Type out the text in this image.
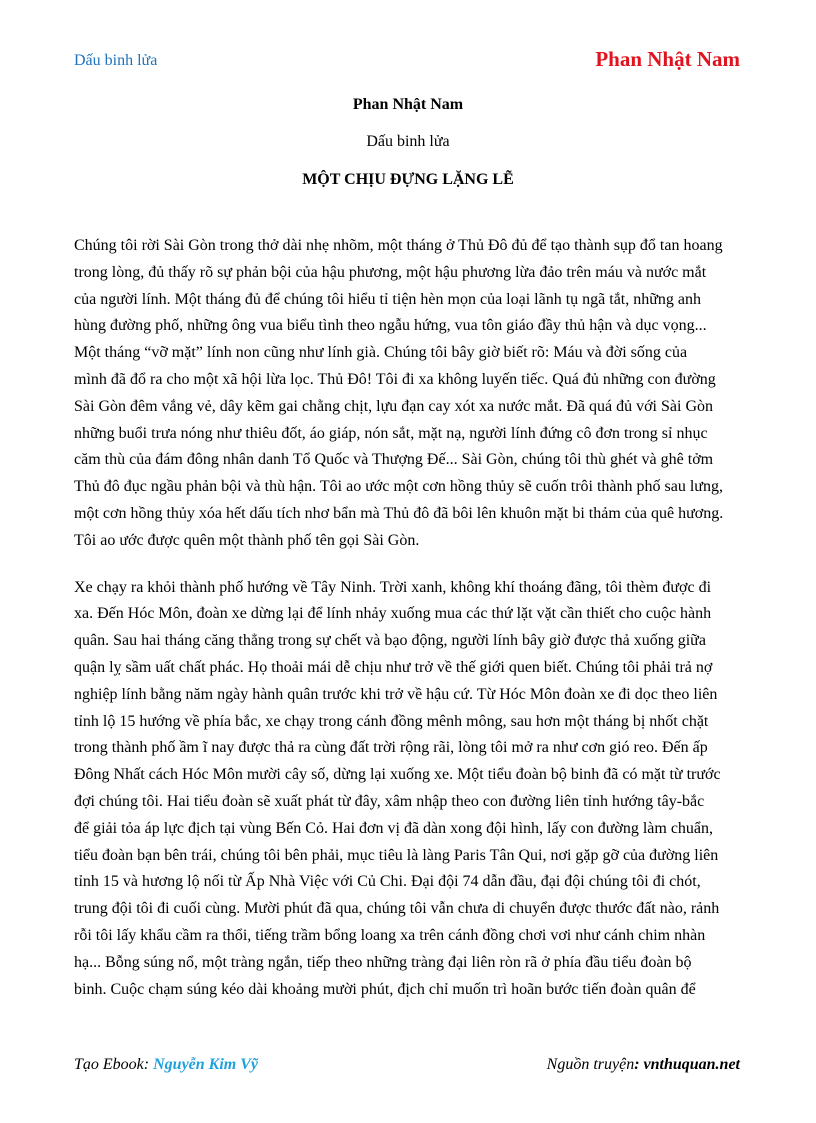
Dấu binh lửa	Phan Nhật Nam
Phan Nhật Nam
Dấu binh lửa
MỘT CHỊU ĐỰNG LẶNG LẼ

Chúng tôi rời Sài Gòn trong thở dài nhẹ nhõm, một tháng ở Thủ Đô đủ để tạo thành sụp đổ tan hoang
trong lòng, đủ thấy rõ sự phản bội của hậu phương, một hậu phương lừa đảo trên máu và nước mắt
của người lính. Một tháng đủ để chúng tôi hiểu tỉ tiện hèn mọn của loại lãnh tụ ngã tắt, những anh
hùng đường phố, những ông vua biểu tình theo ngẫu hứng, vua tôn giáo đầy thủ hận và dục vọng...
Một tháng “vỡ mặt” lính non cũng như lính già. Chúng tôi bây giờ biết rõ: Máu và đời sống của
mình đã đổ ra cho một xã hội lừa lọc. Thủ Đô! Tôi đi xa không luyến tiếc. Quá đủ những con đường
Sài Gòn đêm vắng vẻ, dây kẽm gai chằng chịt, lựu đạn cay xót xa nước mắt. Đã quá đủ với Sài Gòn
những buổi trưa nóng như thiêu đốt, áo giáp, nón sắt, mặt nạ, người lính đứng cô đơn trong sỉ nhục
căm thù của đám đông nhân danh Tổ Quốc và Thượng Đế... Sài Gòn, chúng tôi thù ghét và ghê tởm
Thủ đô đục ngầu phản bội và thù hận. Tôi ao ước một cơn hồng thủy sẽ cuốn trôi thành phố sau lưng,
một cơn hồng thủy xóa hết dấu tích nhơ bẩn mà Thủ đô đã bôi lên khuôn mặt bi thảm của quê hương.
Tôi ao ước được quên một thành phố tên gọi Sài Gòn.

Xe chạy ra khỏi thành phố hướng về Tây Ninh. Trời xanh, không khí thoáng đãng, tôi thèm được đi
xa. Đến Hóc Môn, đoàn xe dừng lại để lính nhảy xuống mua các thứ lặt vặt cần thiết cho cuộc hành
quân. Sau hai tháng căng thẳng trong sự chết và bạo động, người lính bây giờ được thả xuống giữa
quận lỵ sầm uất chất phác. Họ thoải mái dễ chịu như trở về thế giới quen biết. Chúng tôi phải trả nợ
nghiệp lính bằng năm ngày hành quân trước khi trở về hậu cứ. Từ Hóc Môn đoàn xe đi dọc theo liên
tỉnh lộ 15 hướng về phía bắc, xe chạy trong cánh đồng mênh mông, sau hơn một tháng bị nhốt chặt
trong thành phố ầm ĩ nay được thả ra cùng đất trời rộng rãi, lòng tôi mở ra như cơn gió reo. Đến ấp
Đông Nhất cách Hóc Môn mười cây số, dừng lại xuống xe. Một tiểu đoàn bộ binh đã có mặt từ trước
đợi chúng tôi. Hai tiểu đoàn sẽ xuất phát từ đây, xâm nhập theo con đường liên tỉnh hướng tây-bắc
để giải tỏa áp lực địch tại vùng Bến Cỏ. Hai đơn vị đã dàn xong đội hình, lấy con đường làm chuẩn,
tiểu đoàn bạn bên trái, chúng tôi bên phải, mục tiêu là làng Paris Tân Qui, nơi gặp gỡ của đường liên
tỉnh 15 và hương lộ nối từ Ấp Nhà Việc với Củ Chi. Đại đội 74 dẫn đầu, đại đội chúng tôi đi chót,
trung đội tôi đi cuối cùng. Mười phút đã qua, chúng tôi vẫn chưa di chuyển được thước đất nào, rảnh
rỗi tôi lấy khẩu cầm ra thổi, tiếng trầm bổng loang xa trên cánh đồng chơi vơi như cánh chim nhàn
hạ... Bỗng súng nổ, một tràng ngắn, tiếp theo những tràng đại liên ròn rã ở phía đầu tiểu đoàn bộ
binh. Cuộc chạm súng kéo dài khoảng mười phút, địch chỉ muốn trì hoãn bước tiến đoàn quân để

Tạo Ebook: Nguyễn Kim Vỹ	Nguồn truyện: vnthuquan.net
